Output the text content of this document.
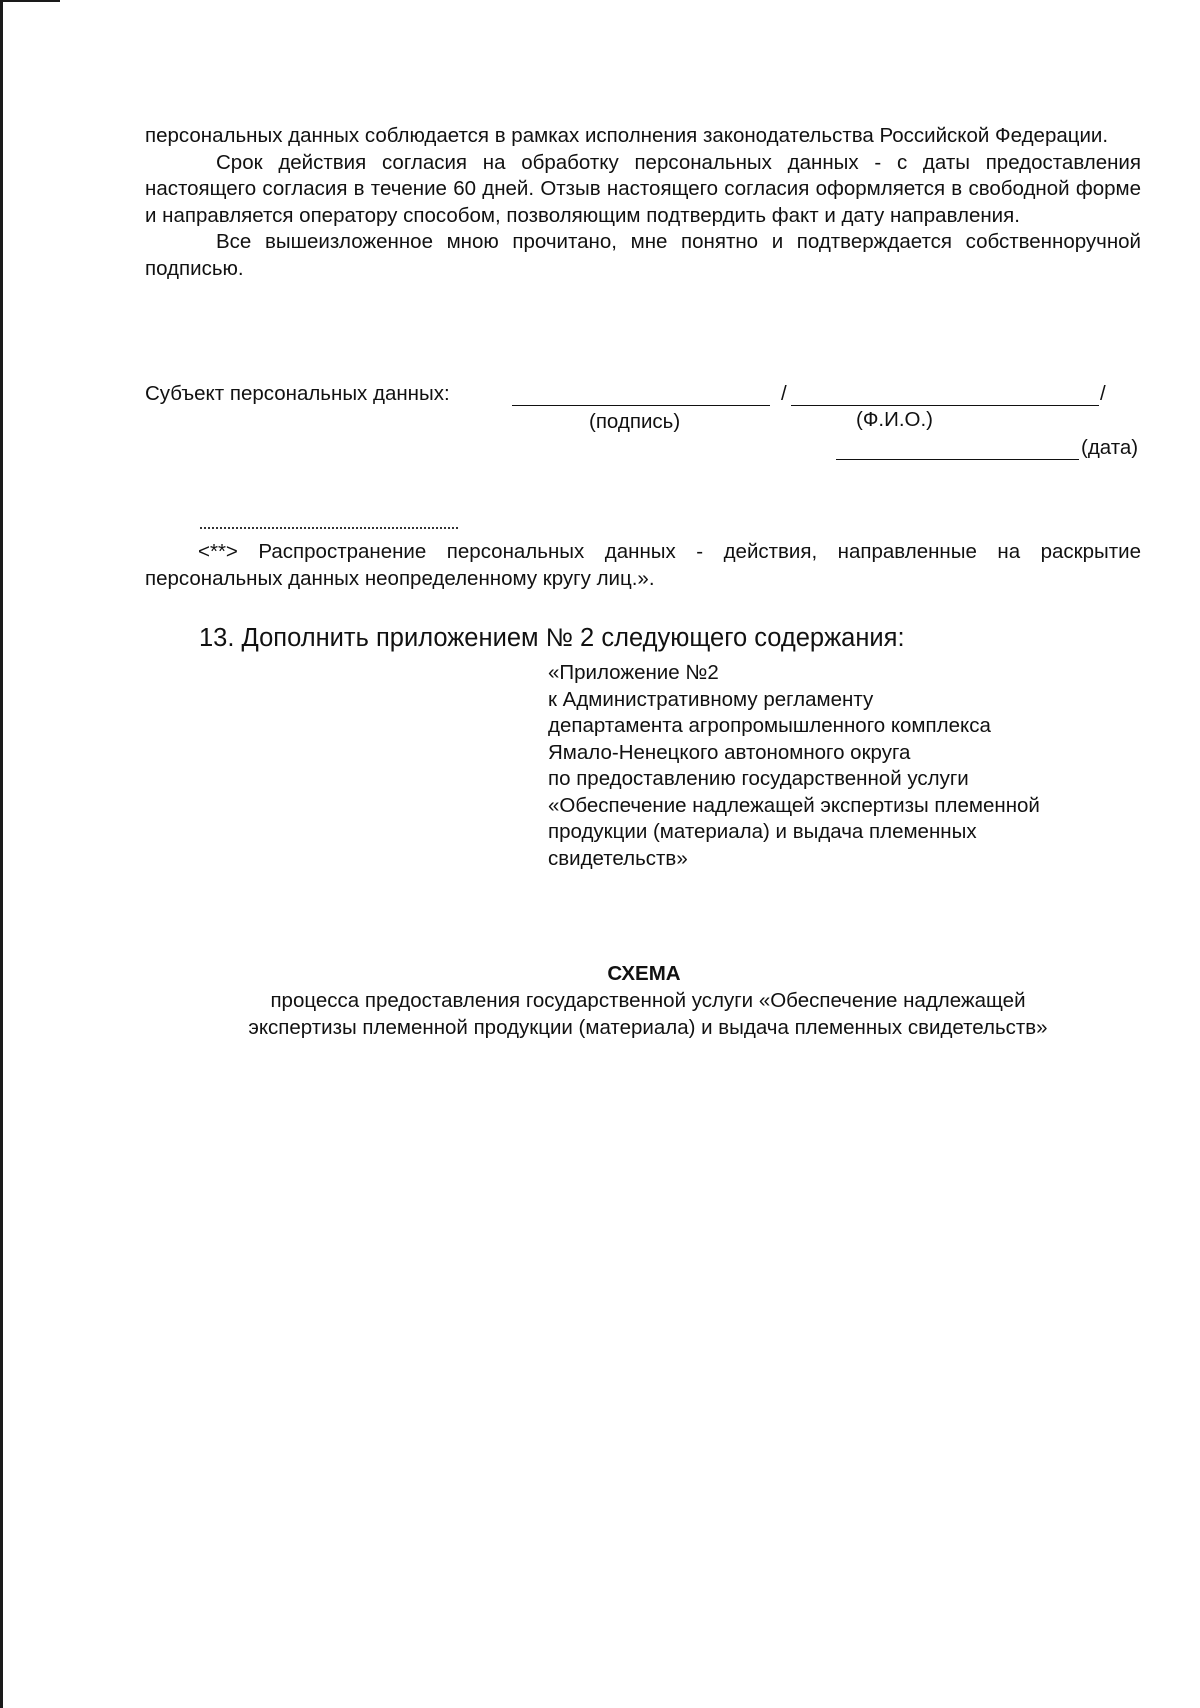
персональных данных соблюдается в рамках исполнения законодательства Российской Федерации.

Срок действия согласия на обработку персональных данных - с даты предоставления настоящего согласия в течение 60 дней. Отзыв настоящего согласия оформляется в свободной форме и направляется оператору способом, позволяющим подтвердить факт и дату направления.

Все вышеизложенное мною прочитано, мне понятно и подтверждается собственноручной подписью.

Субъект персональных данных:	/	/
(подпись)	(Ф.И.О.)
(дата)

<**> Распространение персональных данных - действия, направленные на раскрытие персональных данных неопределенному кругу лиц.».

13. Дополнить приложением № 2 следующего содержания:
«Приложение №2
к Административному регламенту
департамента агропромышленного комплекса
Ямало-Ненецкого автономного округа
по предоставлению государственной услуги
«Обеспечение надлежащей экспертизы племенной
продукции (материала) и выдача племенных
свидетельств»
СХЕМА
процесса предоставления государственной услуги «Обеспечение надлежащей
экспертизы племенной продукции (материала) и выдача племенных свидетельств»
